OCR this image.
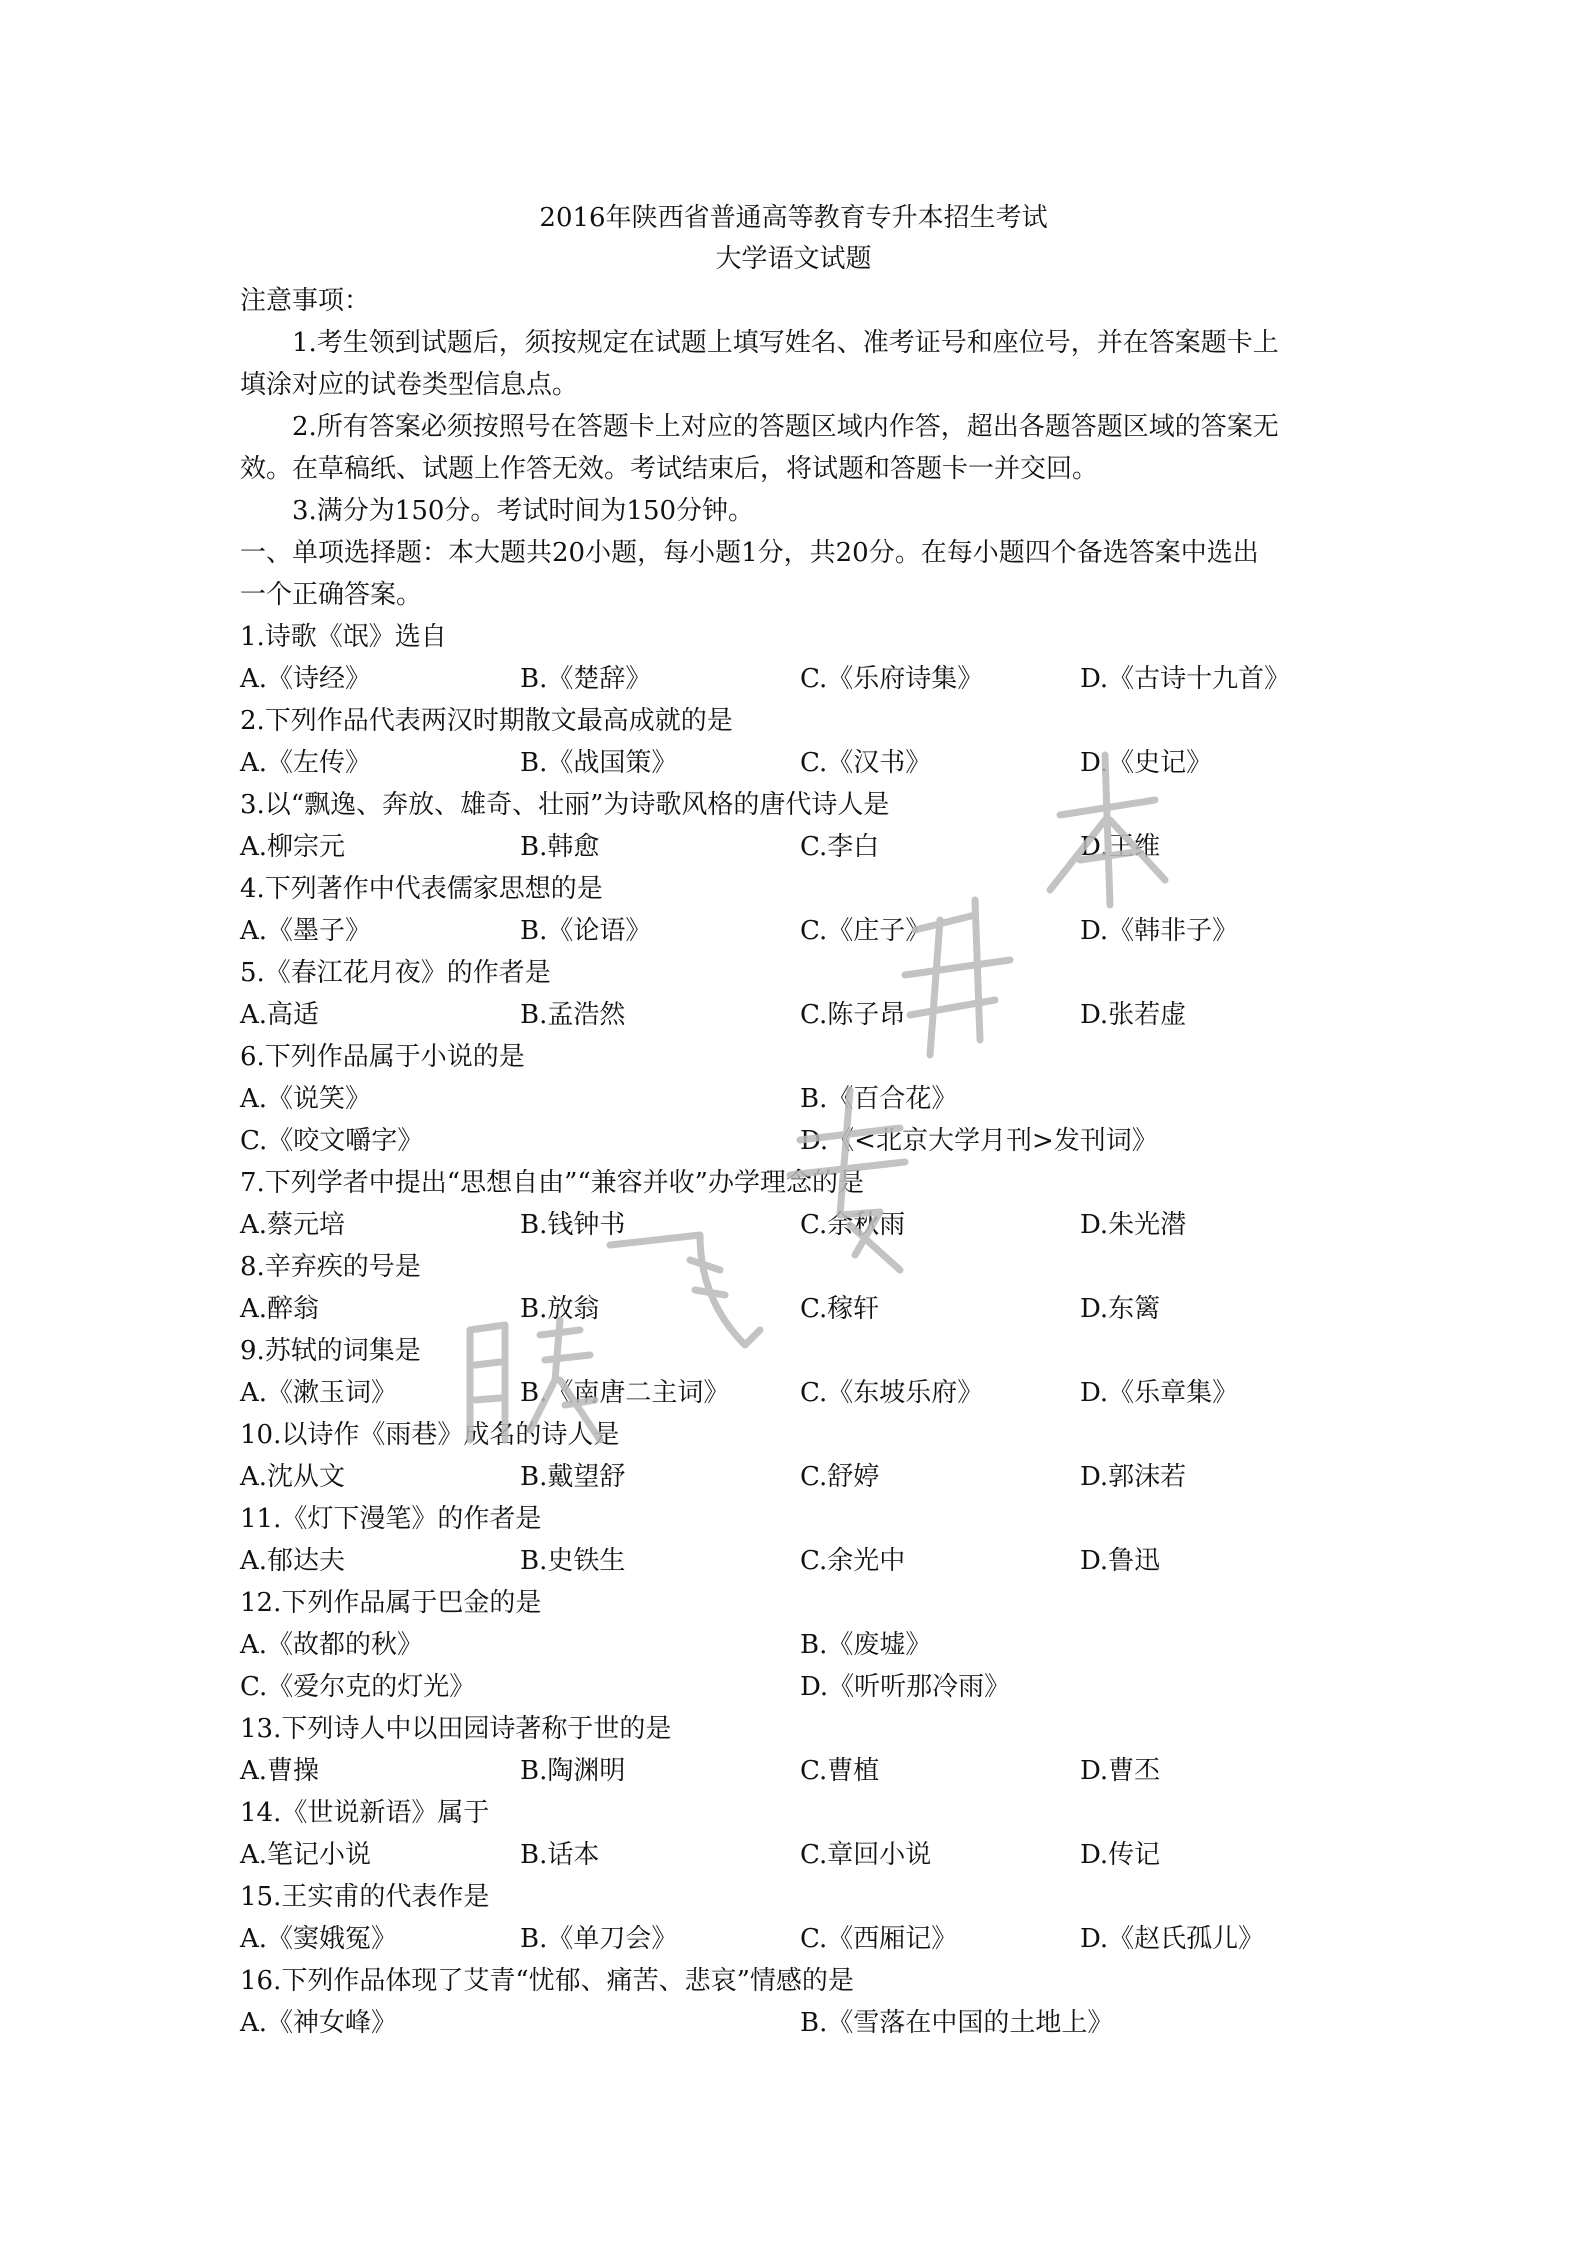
2016年陕西省普通高等教育专升本招生考试
大学语文试题
注意事项：
1.考生领到试题后，须按规定在试题上填写姓名、准考证号和座位号，并在答案题卡上
填涂对应的试卷类型信息点。
2.所有答案必须按照号在答题卡上对应的答题区域内作答，超出各题答题区域的答案无
效。在草稿纸、试题上作答无效。考试结束后，将试题和答题卡一并交回。
3.满分为150分。考试时间为150分钟。
一、单项选择题：本大题共20小题，每小题1分，共20分。在每小题四个备选答案中选出
一个正确答案。
1.诗歌《氓》选自
A.《诗经》	B.《楚辞》	C.《乐府诗集》	D.《古诗十九首》
2.下列作品代表两汉时期散文最高成就的是
A.《左传》	B.《战国策》	C.《汉书》	D.《史记》
3.以“飘逸、奔放、雄奇、壮丽”为诗歌风格的唐代诗人是
A.柳宗元	B.韩愈	C.李白	D.王维
4.下列著作中代表儒家思想的是
A.《墨子》	B.《论语》	C.《庄子》	D.《韩非子》
5.《春江花月夜》的作者是
A.高适	B.孟浩然	C.陈子昂	D.张若虚
6.下列作品属于小说的是
A.《说笑》	B.《百合花》
C.《咬文嚼字》	D.《<北京大学月刊>发刊词》
7.下列学者中提出“思想自由”“兼容并收”办学理念的是
A.蔡元培	B.钱钟书	C.余秋雨	D.朱光潜
8.辛弃疾的号是
A.醉翁	B.放翁	C.稼轩	D.东篱
9.苏轼的词集是
A.《漱玉词》	B.《南唐二主词》	C.《东坡乐府》	D.《乐章集》
10.以诗作《雨巷》成名的诗人是
A.沈从文	B.戴望舒	C.舒婷	D.郭沫若
11.《灯下漫笔》的作者是
A.郁达夫	B.史铁生	C.余光中	D.鲁迅
12.下列作品属于巴金的是
A.《故都的秋》	B.《废墟》
C.《爱尔克的灯光》	D.《听听那冷雨》
13.下列诗人中以田园诗著称于世的是
A.曹操	B.陶渊明	C.曹植	D.曹丕
14.《世说新语》属于
A.笔记小说	B.话本	C.章回小说	D.传记
15.王实甫的代表作是
A.《窦娥冤》	B.《单刀会》	C.《西厢记》	D.《赵氏孤儿》
16.下列作品体现了艾青“忧郁、痛苦、悲哀”情感的是
A.《神女峰》	B.《雪落在中国的土地上》
